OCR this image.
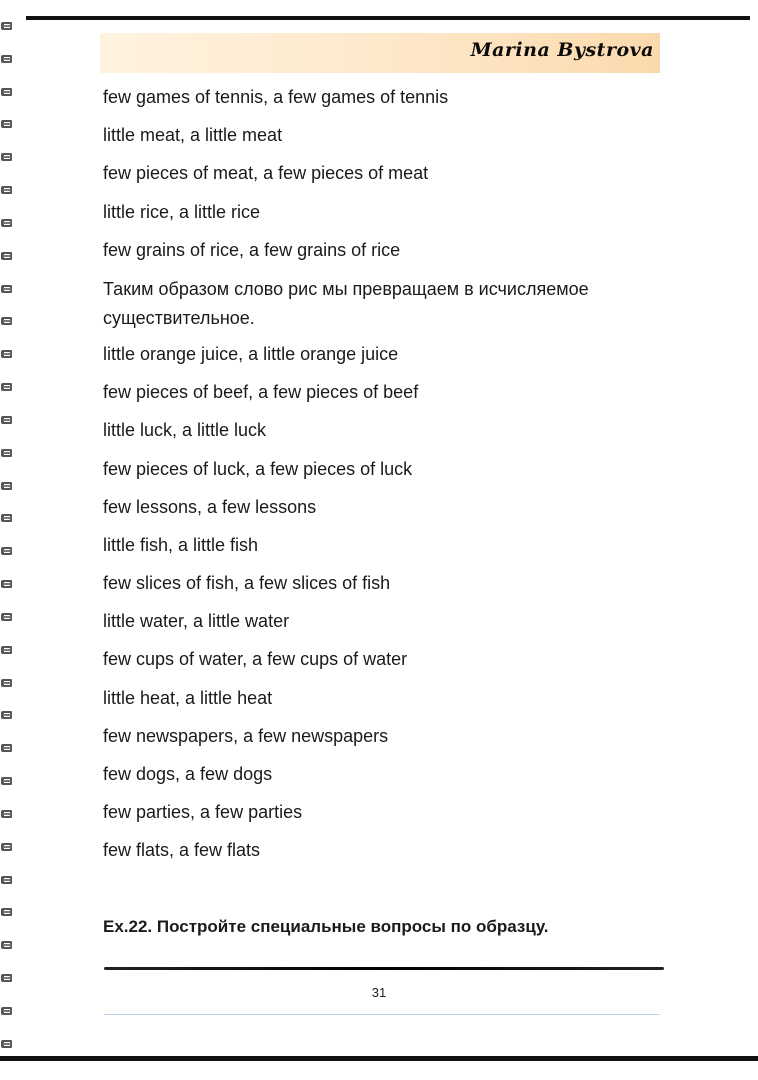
Marina Bystrova
few games of tennis, a few games of tennis
little meat, a little meat
few pieces of meat, a few pieces of meat
little rice, a little rice
few grains of rice, a few grains of rice
Таким образом слово рис мы превращаем в исчисляемое существительное.
little orange juice, a little orange juice
few pieces of beef, a few pieces of beef
little luck, a little luck
few pieces of luck, a few pieces of luck
few lessons, a few lessons
little fish, a little fish
few slices of fish, a few slices of fish
little water, a little water
few cups of water, a few cups of water
little heat, a little heat
few newspapers, a few newspapers
few dogs, a few dogs
few parties, a few parties
few flats, a few flats
Ex.22. Постройте специальные вопросы по образцу.
31
